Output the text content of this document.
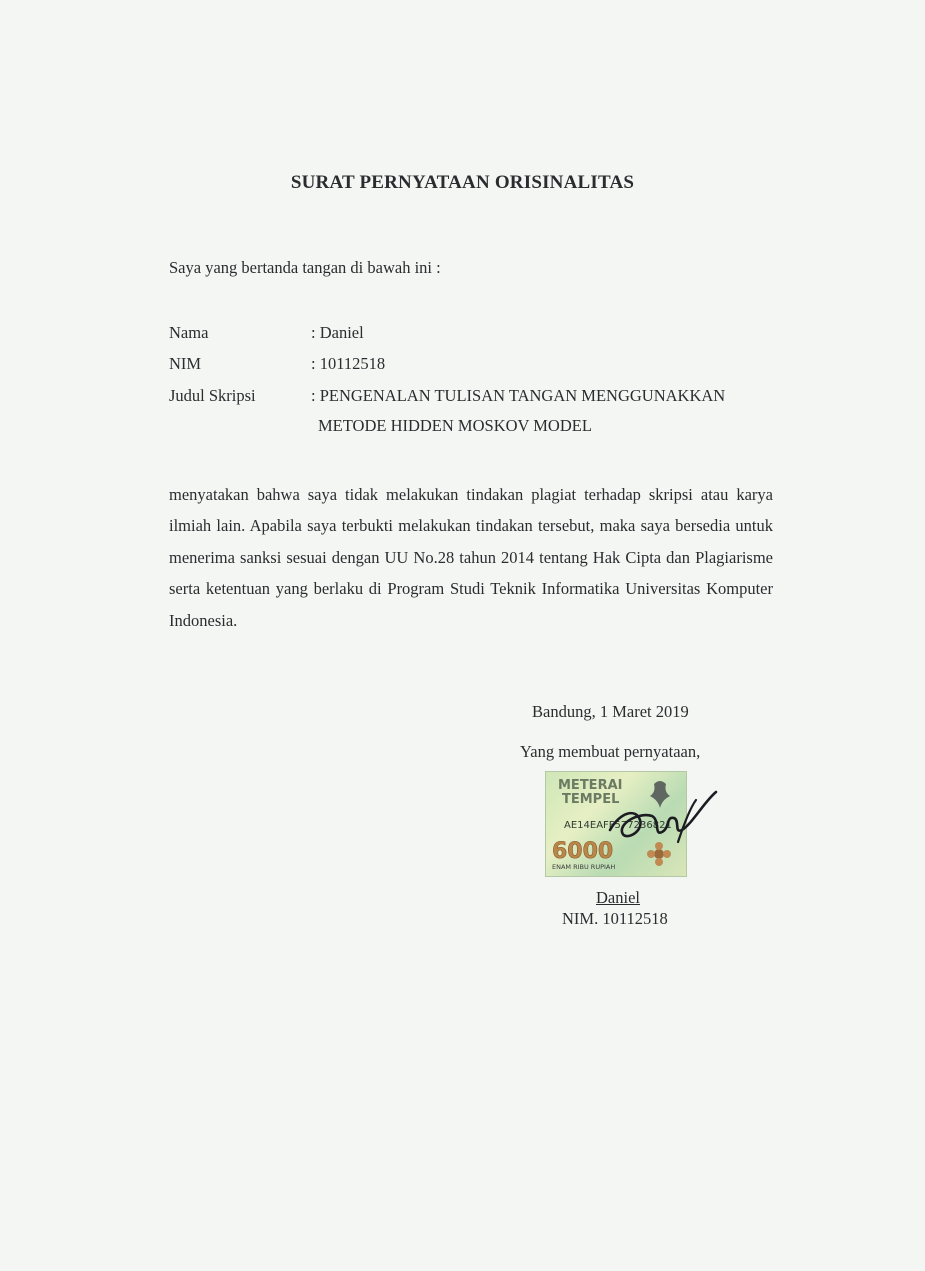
SURAT PERNYATAAN ORISINALITAS
Saya yang bertanda tangan di bawah ini :
Nama	: Daniel
NIM	: 10112518
Judul Skripsi	: PENGENALAN TULISAN TANGAN MENGGUNAKKAN
METODE HIDDEN MOSKOV MODEL

menyatakan bahwa saya tidak melakukan tindakan plagiat terhadap skripsi atau karya ilmiah lain. Apabila saya terbukti melakukan tindakan tersebut, maka saya bersedia untuk menerima sanksi sesuai dengan UU No.28 tahun 2014 tentang Hak Cipta dan Plagiarisme serta ketentuan yang berlaku di Program Studi Teknik Informatika Universitas Komputer Indonesia.

Bandung, 1 Maret 2019
Yang membuat pernyataan,
METERAI
TEMPEL
AE14EAFF577236821
6000
ENAM RIBU RUPIAH
Daniel
NIM. 10112518
